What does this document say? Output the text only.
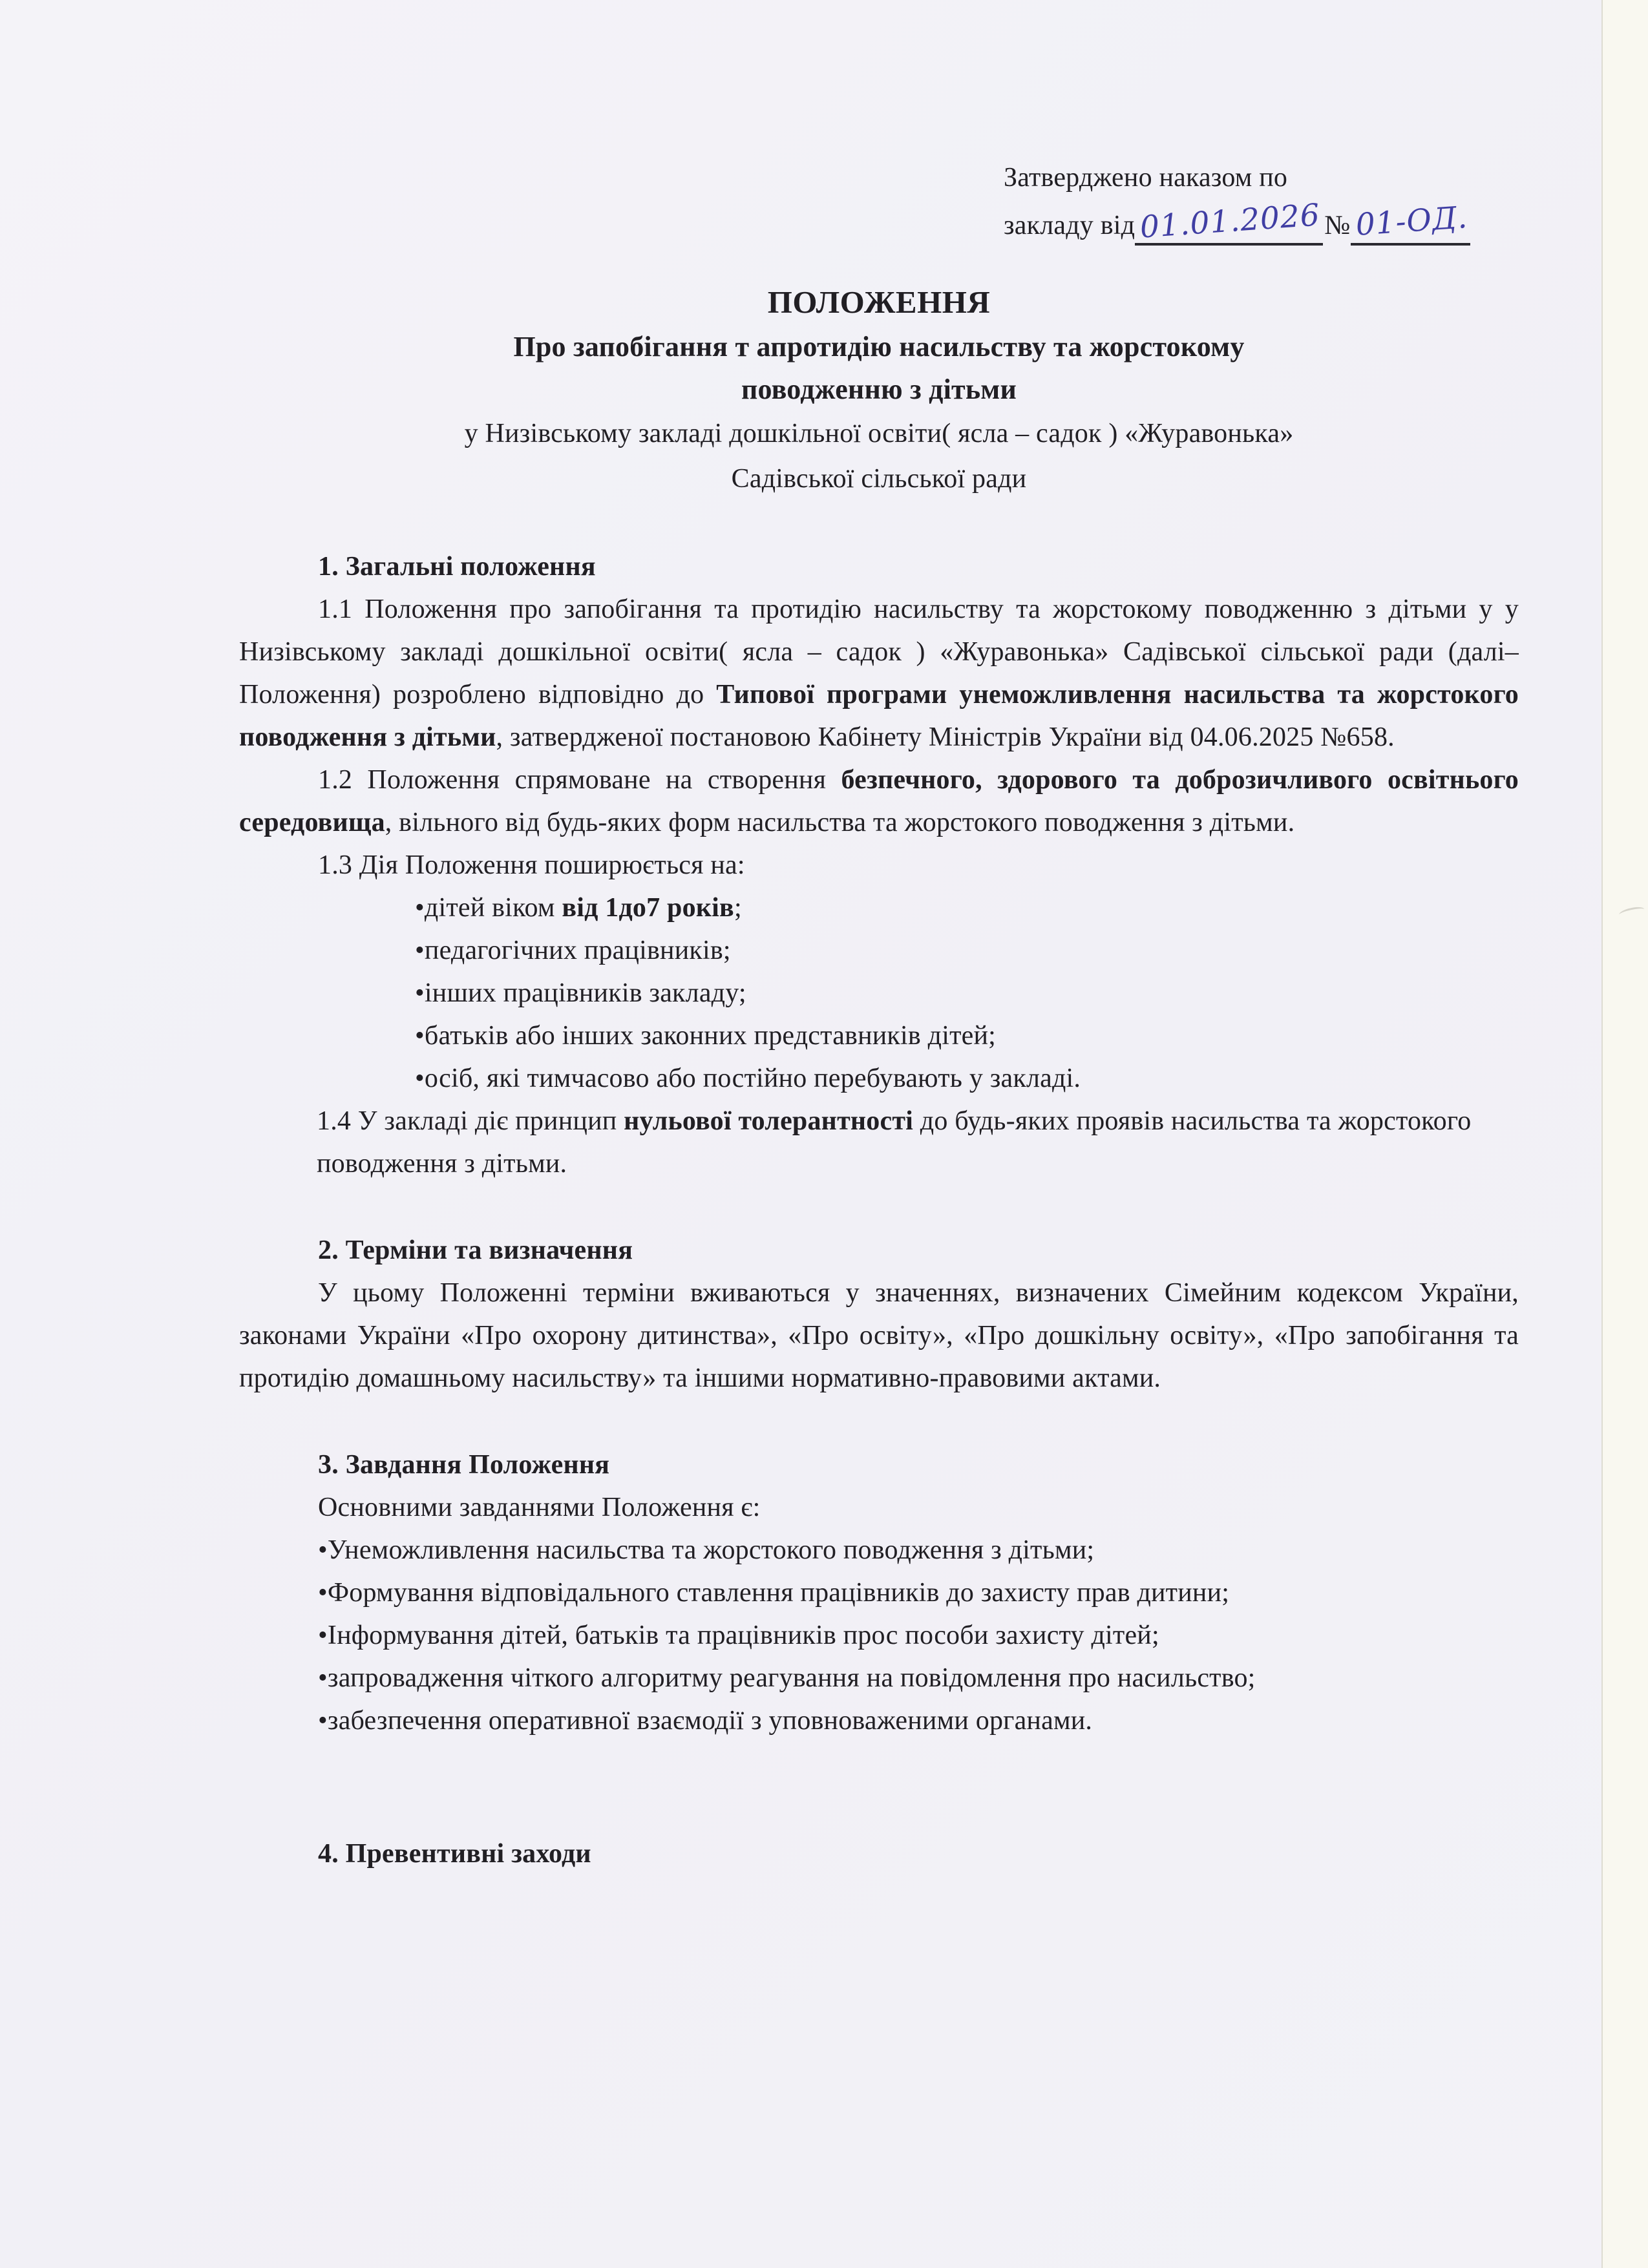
Затверджено наказом по
закладу від 01.01.2026 № 01-ОД.
ПОЛОЖЕННЯ
Про запобігання т апротидію насильству та жорстокому
поводженню з дітьми
у Низівському закладі дошкільної освіти( ясла – садок ) «Журавонька»
Садівської сільської ради

1. Загальні положення

1.1 Положення про запобігання та протидію насильству та жорстокому поводженню з дітьми у у Низівському закладі дошкільної освіти( ясла – садок ) «Журавонька» Садівської сільської ради (далі–Положення) розроблено відповідно до Типової програми унеможливлення насильства та жорстокого поводження з дітьми, затвердженої постановою Кабінету Міністрів України від 04.06.2025 №658.

1.2 Положення спрямоване на створення безпечного, здорового та доброзичливого освітнього середовища, вільного від будь-яких форм насильства та жорстокого поводження з дітьми.

1.3 Дія Положення поширюється на:

• дітей віком від 1до7 років;
• педагогічних працівників;
• інших працівників закладу;
• батьків або інших законних представників дітей;
• осіб, які тимчасово або постійно перебувають у закладі.

1.4 У закладі діє принцип нульової толерантності до будь-яких проявів насильства та жорстокого поводження з дітьми.

2. Терміни та визначення

У цьому Положенні терміни вживаються у значеннях, визначених Сімейним кодексом України, законами України «Про охорону дитинства», «Про освіту», «Про дошкільну освіту», «Про запобігання та протидію домашньому насильству» та іншими нормативно-правовими актами.

3. Завдання Положення

Основними завданнями Положення є:

• Унеможливлення насильства та жорстокого поводження з дітьми;
• Формування відповідального ставлення працівників до захисту прав дитини;
• Інформування дітей, батьків та працівників прос пособи захисту дітей;
• запровадження чіткого алгоритму реагування на повідомлення про насильство;
• забезпечення оперативної взаємодії з уповноваженими органами.

4. Превентивні заходи
